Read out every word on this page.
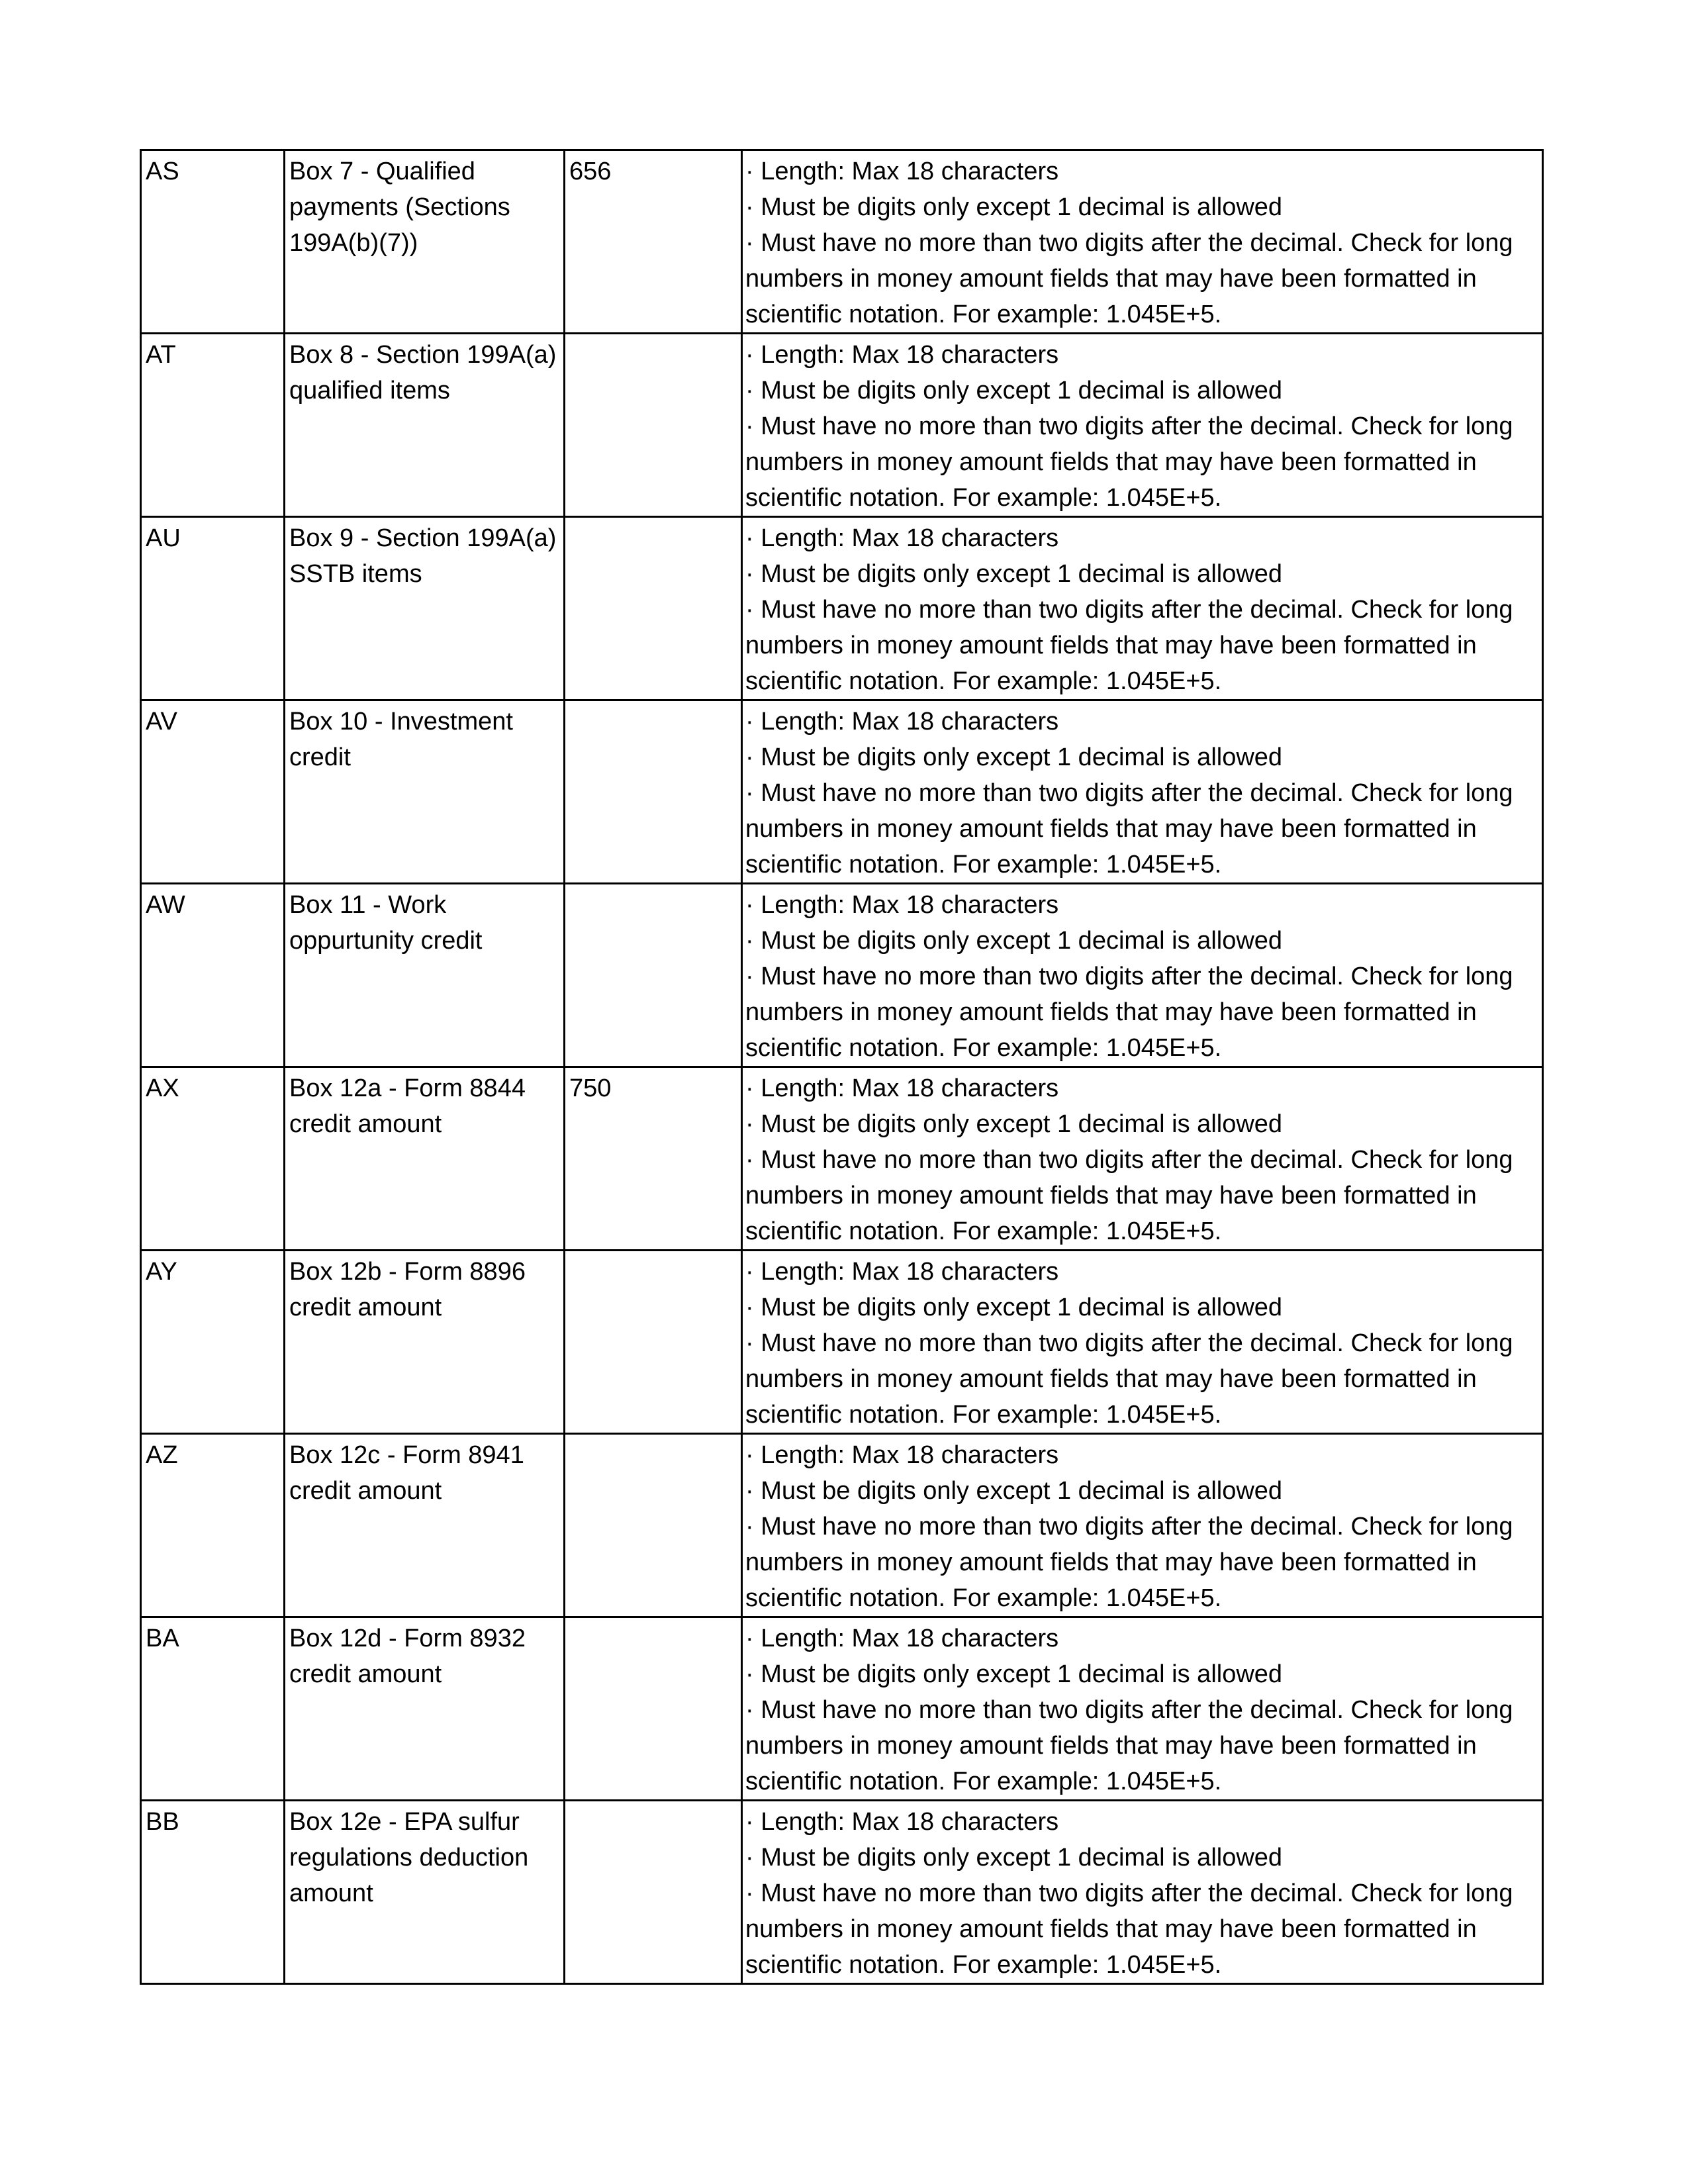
AS	Box 7 - Qualified payments (Sections 199A(b)(7))	656	· Length: Max 18 characters
· Must be digits only except 1 decimal is allowed
· Must have no more than two digits after the decimal. Check for long numbers in money amount fields that may have been formatted in scientific notation. For example: 1.045E+5.

AT	Box 8 - Section 199A(a) qualified items		· Length: Max 18 characters
· Must be digits only except 1 decimal is allowed
· Must have no more than two digits after the decimal. Check for long numbers in money amount fields that may have been formatted in scientific notation. For example: 1.045E+5.

AU	Box 9 - Section 199A(a) SSTB items		· Length: Max 18 characters
· Must be digits only except 1 decimal is allowed
· Must have no more than two digits after the decimal. Check for long numbers in money amount fields that may have been formatted in scientific notation. For example: 1.045E+5.

AV	Box 10 - Investment credit		· Length: Max 18 characters
· Must be digits only except 1 decimal is allowed
· Must have no more than two digits after the decimal. Check for long numbers in money amount fields that may have been formatted in scientific notation. For example: 1.045E+5.

AW	Box 11 - Work oppurtunity credit		· Length: Max 18 characters
· Must be digits only except 1 decimal is allowed
· Must have no more than two digits after the decimal. Check for long numbers in money amount fields that may have been formatted in scientific notation. For example: 1.045E+5.

AX	Box 12a - Form 8844 credit amount	750	· Length: Max 18 characters
· Must be digits only except 1 decimal is allowed
· Must have no more than two digits after the decimal. Check for long numbers in money amount fields that may have been formatted in scientific notation. For example: 1.045E+5.

AY	Box 12b - Form 8896 credit amount		· Length: Max 18 characters
· Must be digits only except 1 decimal is allowed
· Must have no more than two digits after the decimal. Check for long numbers in money amount fields that may have been formatted in scientific notation. For example: 1.045E+5.

AZ	Box 12c - Form 8941 credit amount		· Length: Max 18 characters
· Must be digits only except 1 decimal is allowed
· Must have no more than two digits after the decimal. Check for long numbers in money amount fields that may have been formatted in scientific notation. For example: 1.045E+5.

BA	Box 12d - Form 8932 credit amount		· Length: Max 18 characters
· Must be digits only except 1 decimal is allowed
· Must have no more than two digits after the decimal. Check for long numbers in money amount fields that may have been formatted in scientific notation. For example: 1.045E+5.

BB	Box 12e - EPA sulfur regulations deduction amount		· Length: Max 18 characters
· Must be digits only except 1 decimal is allowed
· Must have no more than two digits after the decimal. Check for long numbers in money amount fields that may have been formatted in scientific notation. For example: 1.045E+5.
